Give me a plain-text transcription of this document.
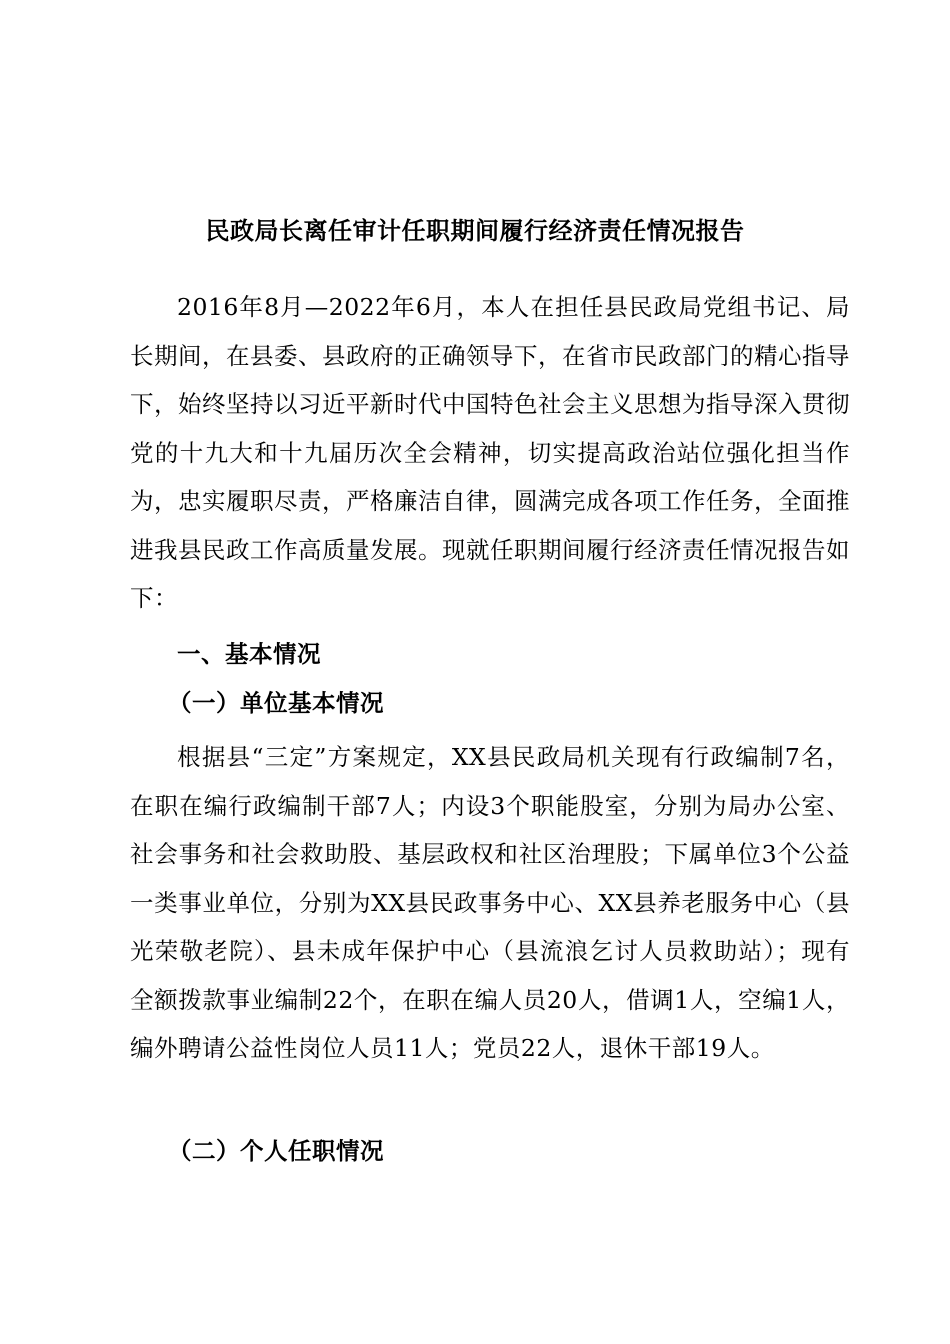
民政局长离任审计任职期间履行经济责任情况报告

2016年8月—2022年6月，本人在担任县民政局党组书记、局长期间，在县委、县政府的正确领导下，在省市民政部门的精心指导下，始终坚持以习近平新时代中国特色社会主义思想为指导深入贯彻党的十九大和十九届历次全会精神，切实提高政治站位强化担当作为，忠实履职尽责，严格廉洁自律，圆满完成各项工作任务，全面推进我县民政工作高质量发展。现就任职期间履行经济责任情况报告如下：

一、基本情况
（一）单位基本情况

根据县“三定”方案规定，XX县民政局机关现有行政编制7名，在职在编行政编制干部7人；内设3个职能股室，分别为局办公室、社会事务和社会救助股、基层政权和社区治理股；下属单位3个公益一类事业单位，分别为XX县民政事务中心、XX县养老服务中心（县光荣敬老院）、县未成年保护中心（县流浪乞讨人员救助站）；现有全额拨款事业编制22个，在职在编人员20人，借调1人，空编1人，编外聘请公益性岗位人员11人；党员22人，退休干部19人。

（二）个人任职情况
